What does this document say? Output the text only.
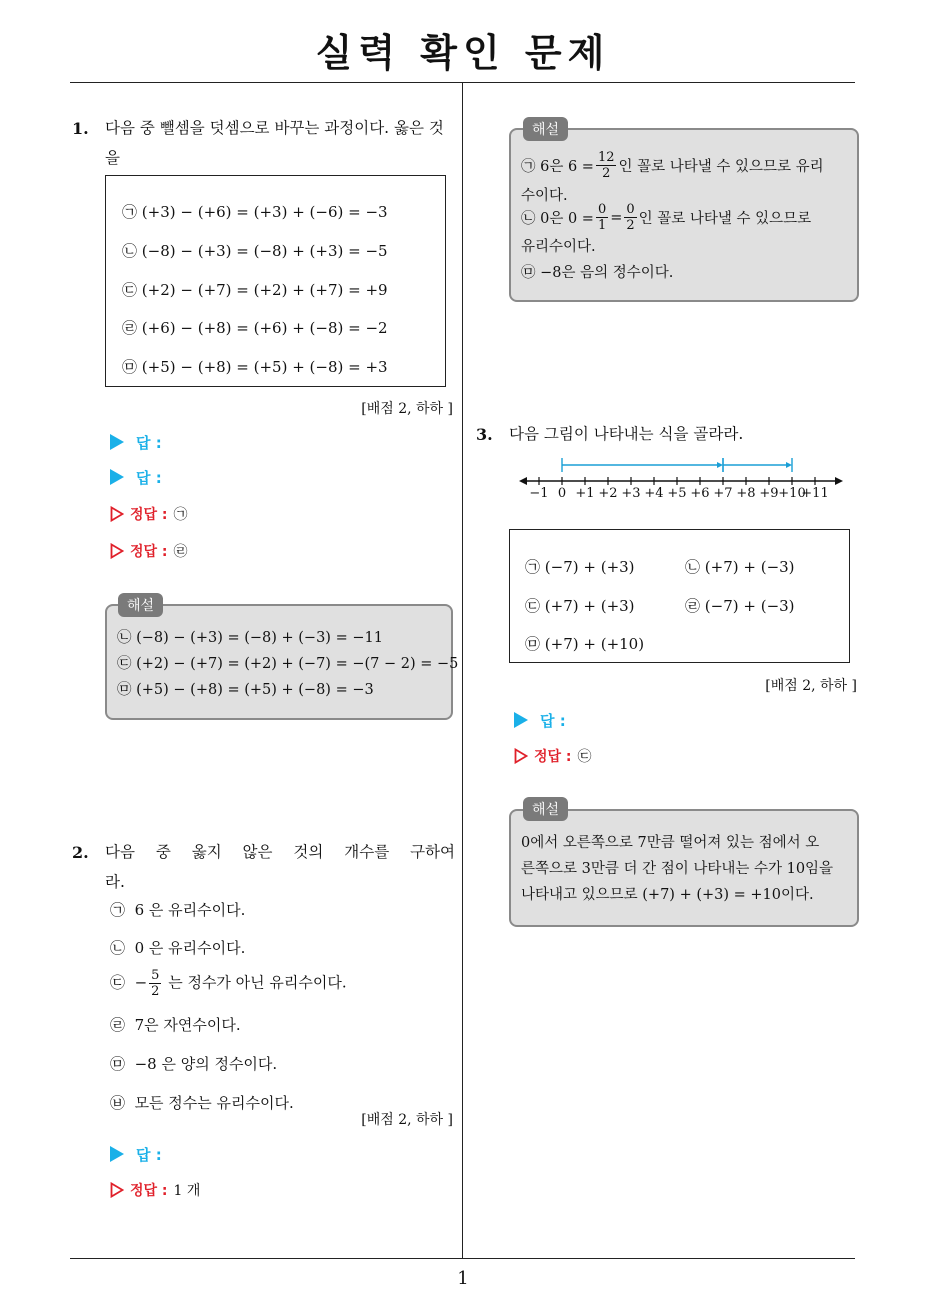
실력 확인 문제
1
1. 다음 중 뺄셈을 덧셈으로 바꾸는 과정이다. 옳은 것을
㉠ (+3) − (+6) = (+3) + (−6) = −3
㉡ (−8) − (+3) = (−8) + (+3) = −5
㉢ (+2) − (+7) = (+2) + (+7) = +9
㉣ (+6) − (+8) = (+6) + (−8) = −2
㉤ (+5) − (+8) = (+5) + (−8) = +3
[배점 2, 하하 ]
답 :
답 :
정답 : ㉠
정답 : ㉣
해설
㉡ (−8) − (+3) = (−8) + (−3) = −11
㉢ (+2) − (+7) = (+2) + (−7) = −(7 − 2) = −5
㉤ (+5) − (+8) = (+5) + (−8) = −3
2. 다음 중 옳지 않은 것의 개수를 구하여
라.
㉠ 6 은 유리수이다.
㉡ 0 은 유리수이다.
㉢ − $\frac{5}{2}$ 는 정수가 아닌 유리수이다.
㉣ 7은 자연수이다.
㉤ −8 은 양의 정수이다.
㉥ 모든 정수는 유리수이다.
[배점 2, 하하 ]
답 :
정답 : 1 개
해설
㉠ 6은 $6 = \frac{12}{2}$ 인 꼴로 나타낼 수 있으므로 유리
수이다.
㉡ 0은 $0 = \frac{0}{1} = \frac{0}{2}$ 인 꼴로 나타낼 수 있으므로
유리수이다.
㉤ −8은 음의 정수이다.
3. 다음 그림이 나타내는 식을 골라라.
−1 0 +1 +2 +3 +4 +5 +6 +7 +8 +9 +10
+11
㉠ (−7) + (+3)	㉡ (+7) + (−3)
㉢ (+7) + (+3)	㉣ (−7) + (−3)
㉤ (+7) + (+10)
[배점 2, 하하 ]
답 :
정답 : ㉢
해설
0에서 오른쪽으로 7만큼 떨어져 있는 점에서 오
른쪽으로 3만큼 더 간 점이 나타내는 수가 10임을
나타내고 있으므로 (+7) + (+3) = +10이다.
